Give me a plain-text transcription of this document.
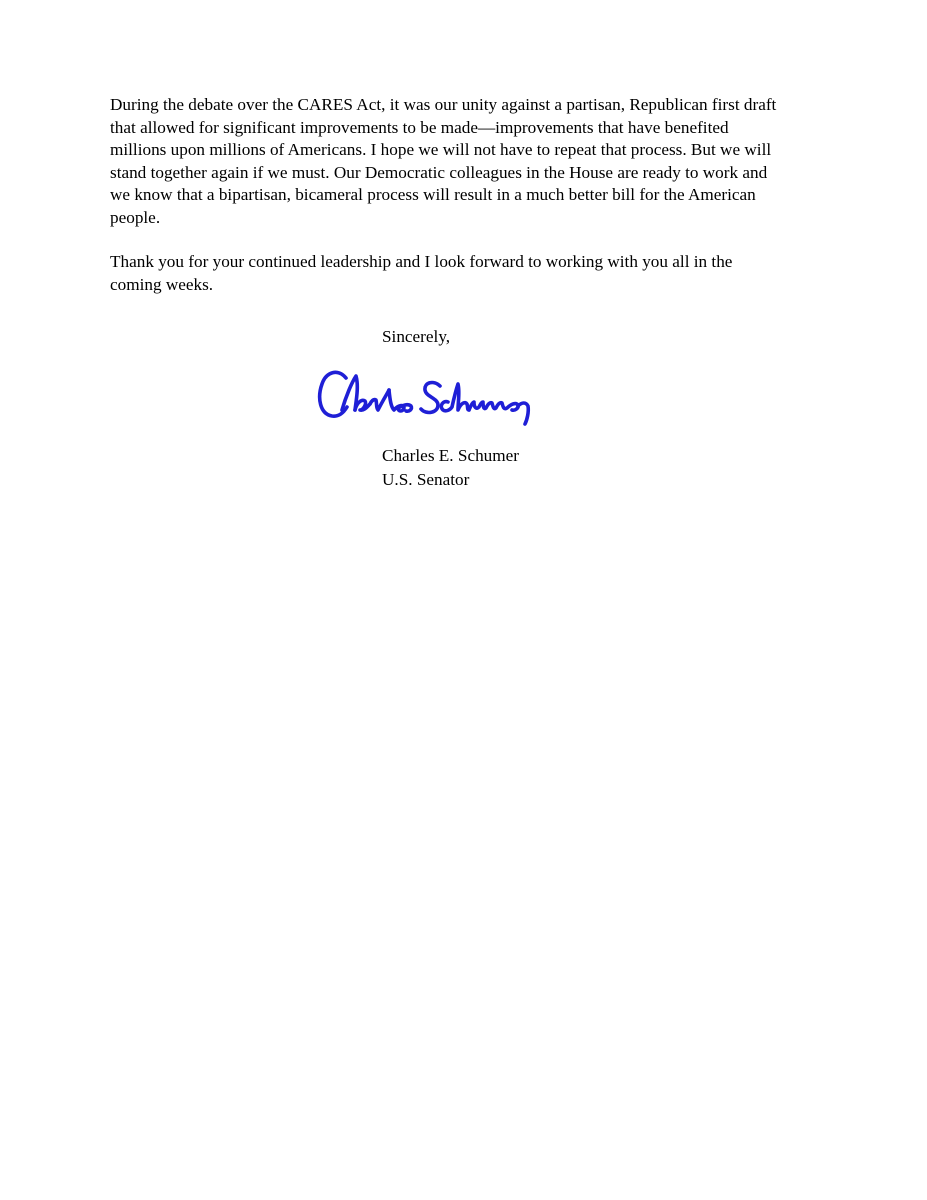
During the debate over the CARES Act, it was our unity against a partisan, Republican first draft
that allowed for significant improvements to be made—improvements that have benefited
millions upon millions of Americans. I hope we will not have to repeat that process. But we will
stand together again if we must. Our Democratic colleagues in the House are ready to work and
we know that a bipartisan, bicameral process will result in a much better bill for the American
people.

Thank you for your continued leadership and I look forward to working with you all in the
coming weeks.

Sincerely,
Charles E. Schumer
U.S. Senator
